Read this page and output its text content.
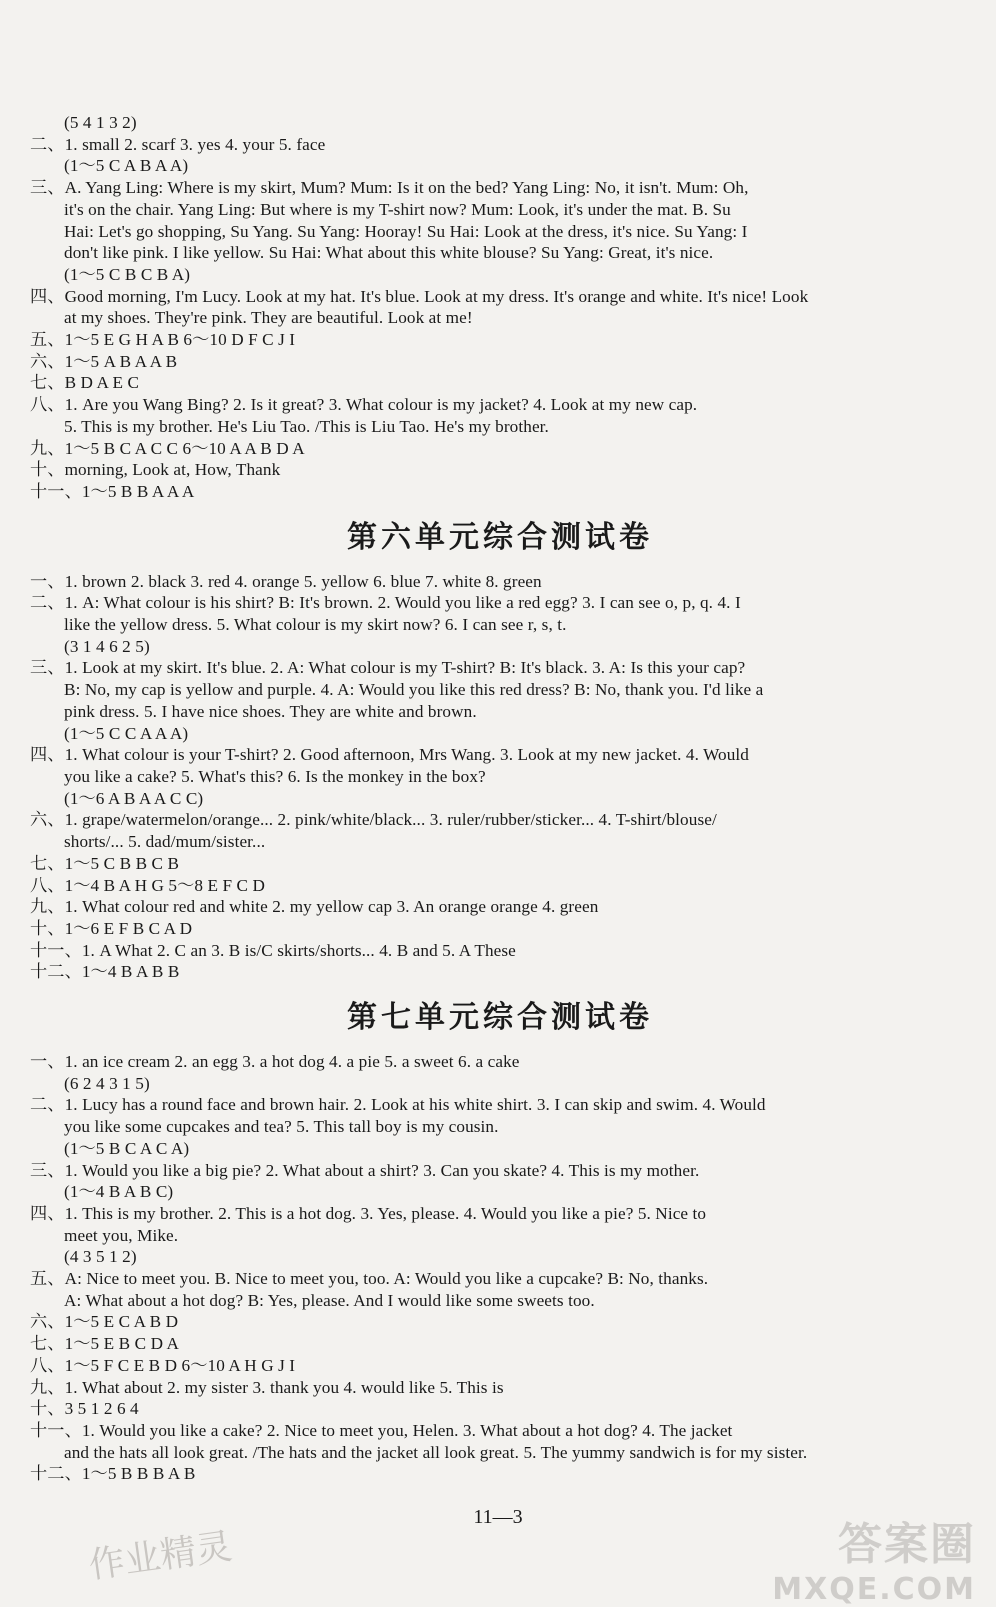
(5 4 1 3 2)
二、1. small 2. scarf 3. yes 4. your 5. face
(1～5 C A B A A)
三、A. Yang Ling: Where is my skirt, Mum? Mum: Is it on the bed? Yang Ling: No, it isn't. Mum: Oh,
it's on the chair. Yang Ling: But where is my T-shirt now? Mum: Look, it's under the mat. B. Su
Hai: Let's go shopping, Su Yang. Su Yang: Hooray! Su Hai: Look at the dress, it's nice. Su Yang: I
don't like pink. I like yellow. Su Hai: What about this white blouse? Su Yang: Great, it's nice.
(1～5 C B C B A)
四、Good morning, I'm Lucy. Look at my hat. It's blue. Look at my dress. It's orange and white. It's nice! Look
at my shoes. They're pink. They are beautiful. Look at me!
五、1～5 E G H A B 6～10 D F C J I
六、1～5 A B A A B
七、B D A E C
八、1. Are you Wang Bing? 2. Is it great? 3. What colour is my jacket? 4. Look at my new cap.
5. This is my brother. He's Liu Tao. /This is Liu Tao. He's my brother.
九、1～5 B C A C C 6～10 A A B D A
十、morning, Look at, How, Thank
十一、1～5 B B A A A
第六单元综合测试卷
一、1. brown 2. black 3. red 4. orange 5. yellow 6. blue 7. white 8. green
二、1. A: What colour is his shirt? B: It's brown. 2. Would you like a red egg? 3. I can see o, p, q. 4. I
like the yellow dress. 5. What colour is my skirt now? 6. I can see r, s, t.
(3 1 4 6 2 5)
三、1. Look at my skirt. It's blue. 2. A: What colour is my T-shirt? B: It's black. 3. A: Is this your cap?
B: No, my cap is yellow and purple. 4. A: Would you like this red dress? B: No, thank you. I'd like a
pink dress. 5. I have nice shoes. They are white and brown.
(1～5 C C A A A)
四、1. What colour is your T-shirt? 2. Good afternoon, Mrs Wang. 3. Look at my new jacket. 4. Would
you like a cake? 5. What's this? 6. Is the monkey in the box?
(1～6 A B A A C C)
六、1. grape/watermelon/orange... 2. pink/white/black... 3. ruler/rubber/sticker... 4. T-shirt/blouse/
shorts/... 5. dad/mum/sister...
七、1～5 C B B C B
八、1～4 B A H G 5～8 E F C D
九、1. What colour red and white 2. my yellow cap 3. An orange orange 4. green
十、1～6 E F B C A D
十一、1. A What 2. C an 3. B is/C skirts/shorts... 4. B and 5. A These
十二、1～4 B A B B
第七单元综合测试卷
一、1. an ice cream 2. an egg 3. a hot dog 4. a pie 5. a sweet 6. a cake
(6 2 4 3 1 5)
二、1. Lucy has a round face and brown hair. 2. Look at his white shirt. 3. I can skip and swim. 4. Would
you like some cupcakes and tea? 5. This tall boy is my cousin.
(1～5 B C A C A)
三、1. Would you like a big pie? 2. What about a shirt? 3. Can you skate? 4. This is my mother.
(1～4 B A B C)
四、1. This is my brother. 2. This is a hot dog. 3. Yes, please. 4. Would you like a pie? 5. Nice to
meet you, Mike.
(4 3 5 1 2)
五、A: Nice to meet you. B. Nice to meet you, too. A: Would you like a cupcake? B: No, thanks.
A: What about a hot dog? B: Yes, please. And I would like some sweets too.
六、1～5 E C A B D
七、1～5 E B C D A
八、1～5 F C E B D 6～10 A H G J I
九、1. What about 2. my sister 3. thank you 4. would like 5. This is
十、3 5 1 2 6 4
十一、1. Would you like a cake? 2. Nice to meet you, Helen. 3. What about a hot dog? 4. The jacket
and the hats all look great. /The hats and the jacket all look great. 5. The yummy sandwich is for my sister.
十二、1～5 B B B A B
11—3
作业精灵	答案圈
MXQE.COM
